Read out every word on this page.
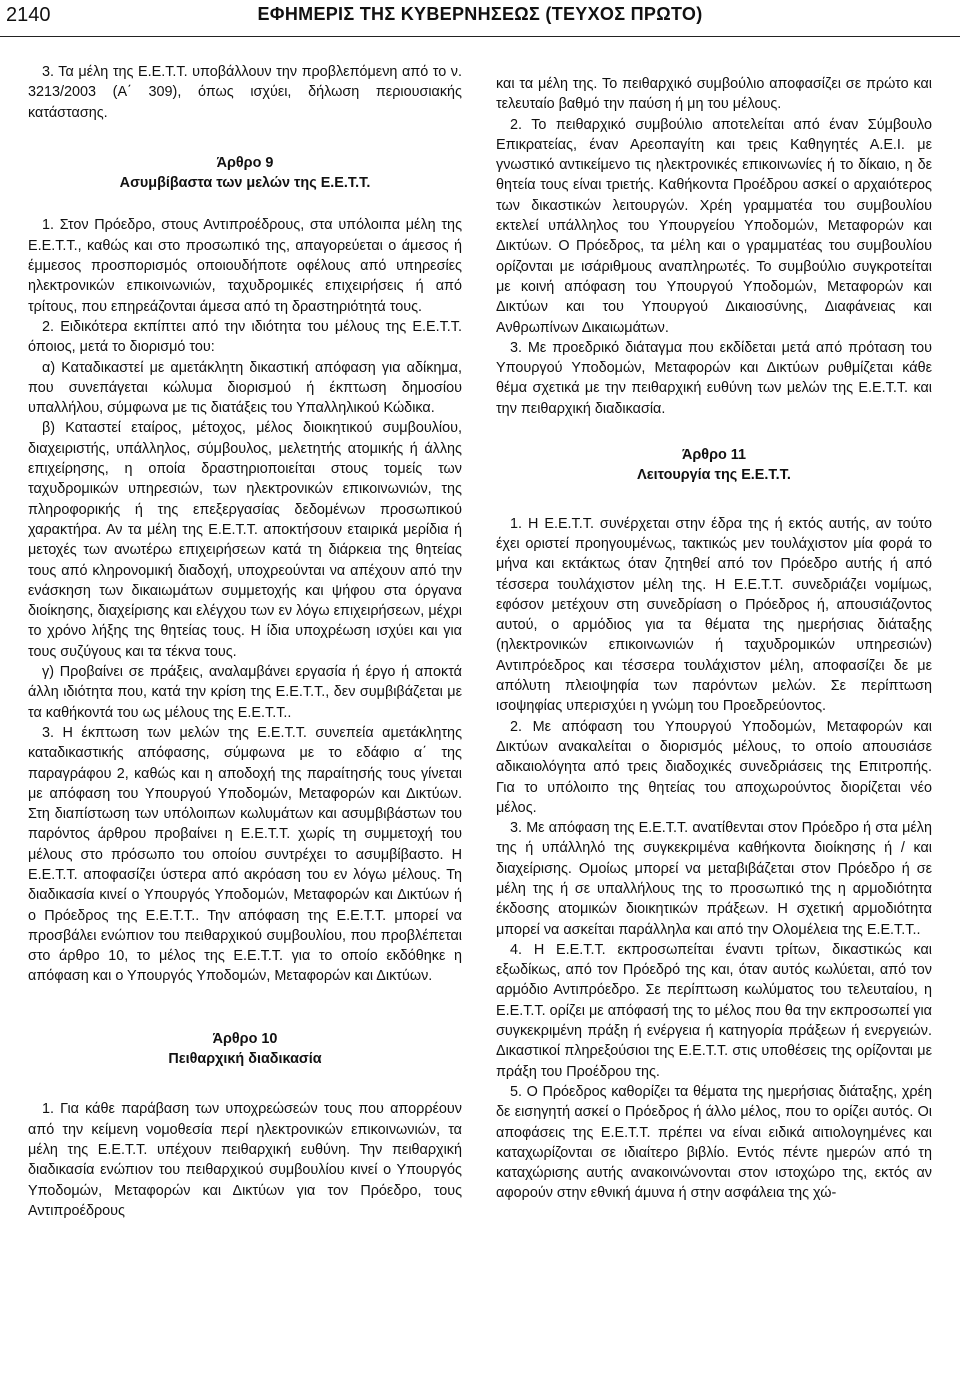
2140	ΕΦΗΜΕΡΙΣ ΤΗΣ ΚΥΒΕΡΝΗΣΕΩΣ (ΤΕΥΧΟΣ ΠΡΩΤΟ)

3. Τα μέλη της Ε.Ε.Τ.Τ. υποβάλλουν την προβλεπόμενη από το ν. 3213/2003 (Α΄ 309), όπως ισχύει, δήλωση περιουσιακής κατάστασης.

Άρθρο 9

Ασυμβίβαστα των μελών της Ε.Ε.Τ.Τ.

1. Στον Πρόεδρο, στους Αντιπροέδρους, στα υπόλοιπα μέλη της Ε.Ε.Τ.Τ., καθώς και στο προσωπικό της, απαγορεύεται ο άμεσος ή έμμεσος προσπορισμός οποιουδήποτε οφέλους από υπηρεσίες ηλεκτρονικών επικοινωνιών, ταχυδρομικές επιχειρήσεις ή από τρίτους, που επηρεάζονται άμεσα από τη δραστηριότητά τους.

2. Ειδικότερα εκπίπτει από την ιδιότητα του μέλους της Ε.Ε.Τ.Τ. όποιος, μετά το διορισμό του:

α) Καταδικαστεί με αμετάκλητη δικαστική απόφαση για αδίκημα, που συνεπάγεται κώλυμα διορισμού ή έκπτωση δημοσίου υπαλλήλου, σύμφωνα με τις διατάξεις του Υπαλληλικού Κώδικα.

β) Καταστεί εταίρος, μέτοχος, μέλος διοικητικού συμβουλίου, διαχειριστής, υπάλληλος, σύμβουλος, μελετητής ατομικής ή άλλης επιχείρησης, η οποία δραστηριοποιείται στους τομείς των ταχυδρομικών υπηρεσιών, των ηλεκτρονικών επικοινωνιών, της πληροφορικής ή της επεξεργασίας δεδομένων προσωπικού χαρακτήρα. Αν τα μέλη της Ε.Ε.Τ.Τ. αποκτήσουν εταιρικά μερίδια ή μετοχές των ανωτέρω επιχειρήσεων κατά τη διάρκεια της θητείας τους από κληρονομική διαδοχή, υποχρεούνται να απέχουν από την ενάσκηση των δικαιωμάτων συμμετοχής και ψήφου στα όργανα διοίκησης, διαχείρισης και ελέγχου των εν λόγω επιχειρήσεων, μέχρι το χρόνο λήξης της θητείας τους. Η ίδια υποχρέωση ισχύει και για τους συζύγους και τα τέκνα τους.

γ) Προβαίνει σε πράξεις, αναλαμβάνει εργασία ή έργο ή αποκτά άλλη ιδιότητα που, κατά την κρίση της Ε.Ε.Τ.Τ., δεν συμβιβάζεται με τα καθήκοντά του ως μέλους της Ε.Ε.Τ.Τ..

3. Η έκπτωση των μελών της Ε.Ε.Τ.Τ. συνεπεία αμετάκλητης καταδικαστικής απόφασης, σύμφωνα με το εδάφιο α΄ της παραγράφου 2, καθώς και η αποδοχή της παραίτησής τους γίνεται με απόφαση του Υπουργού Υποδομών, Μεταφορών και Δικτύων. Στη διαπίστωση των υπόλοιπων κωλυμάτων και ασυμβιβάστων του παρόντος άρθρου προβαίνει η Ε.Ε.Τ.Τ. χωρίς τη συμμετοχή του μέλους στο πρόσωπο του οποίου συντρέχει το ασυμβίβαστο. Η Ε.Ε.Τ.Τ. αποφασίζει ύστερα από ακρόαση του εν λόγω μέλους. Τη διαδικασία κινεί ο Υπουργός Υποδομών, Μεταφορών και Δικτύων ή ο Πρόεδρος της Ε.Ε.Τ.Τ.. Την απόφαση της Ε.Ε.Τ.Τ. μπορεί να προσβάλει ενώπιον του πειθαρχικού συμβουλίου, που προβλέπεται στο άρθρο 10, το μέλος της Ε.Ε.Τ.Τ. για το οποίο εκδόθηκε η απόφαση και ο Υπουργός Υποδομών, Μεταφορών και Δικτύων.

Άρθρο 10

Πειθαρχική διαδικασία

1. Για κάθε παράβαση των υποχρεώσεών τους που απορρέουν από την κείμενη νομοθεσία περί ηλεκτρονικών επικοινωνιών, τα μέλη της Ε.Ε.Τ.Τ. υπέχουν πειθαρχική ευθύνη. Την πειθαρχική διαδικασία ενώπιον του πειθαρχικού συμβουλίου κινεί ο Υπουργός Υποδομών, Μεταφορών και Δικτύων για τον Πρόεδρο, τους Αντιπροέδρους

και τα μέλη της. Το πειθαρχικό συμβούλιο αποφασίζει σε πρώτο και τελευταίο βαθμό την παύση ή μη του μέλους.

2. Το πειθαρχικό συμβούλιο αποτελείται από έναν Σύμβουλο Επικρατείας, έναν Αρεοπαγίτη και τρεις Καθηγητές Α.Ε.Ι. με γνωστικό αντικείμενο τις ηλεκτρονικές επικοινωνίες ή το δίκαιο, η δε θητεία τους είναι τριετής. Καθήκοντα Προέδρου ασκεί ο αρχαιότερος των δικαστικών λειτουργών. Χρέη γραμματέα του συμβουλίου εκτελεί υπάλληλος του Υπουργείου Υποδομών, Μεταφορών και Δικτύων. Ο Πρόεδρος, τα μέλη και ο γραμματέας του συμβουλίου ορίζονται με ισάριθμους αναπληρωτές. Το συμβούλιο συγκροτείται με κοινή απόφαση του Υπουργού Υποδομών, Μεταφορών και Δικτύων και του Υπουργού Δικαιοσύνης, Διαφάνειας και Ανθρωπίνων Δικαιωμάτων.

3. Με προεδρικό διάταγμα που εκδίδεται μετά από πρόταση του Υπουργού Υποδομών, Μεταφορών και Δικτύων ρυθμίζεται κάθε θέμα σχετικά με την πειθαρχική ευθύνη των μελών της Ε.Ε.Τ.Τ. και την πειθαρχική διαδικασία.

Άρθρο 11

Λειτουργία της Ε.Ε.Τ.Τ.

1. Η Ε.Ε.Τ.Τ. συνέρχεται στην έδρα της ή εκτός αυτής, αν τούτο έχει οριστεί προηγουμένως, τακτικώς μεν τουλάχιστον μία φορά το μήνα και εκτάκτως όταν ζητηθεί από τον Πρόεδρο αυτής ή από τέσσερα τουλάχιστον μέλη της. Η Ε.Ε.Τ.Τ. συνεδριάζει νομίμως, εφόσον μετέχουν στη συνεδρίαση ο Πρόεδρος ή, απουσιάζοντος αυτού, ο αρμόδιος για τα θέματα της ημερήσιας διάταξης (ηλεκτρονικών επικοινωνιών ή ταχυδρομικών υπηρεσιών) Αντιπρόεδρος και τέσσερα τουλάχιστον μέλη, αποφασίζει δε με απόλυτη πλειοψηφία των παρόντων μελών. Σε περίπτωση ισοψηφίας υπερισχύει η γνώμη του Προεδρεύοντος.

2. Με απόφαση του Υπουργού Υποδομών, Μεταφορών και Δικτύων ανακαλείται ο διορισμός μέλους, το οποίο απουσιάσε αδικαιολόγητα από τρεις διαδοχικές συνεδριάσεις της Επιτροπής. Για το υπόλοιπο της θητείας του αποχωρούντος διορίζεται νέο μέλος.

3. Με απόφαση της Ε.Ε.Τ.Τ. ανατίθενται στον Πρόεδρο ή στα μέλη της ή υπάλληλό της συγκεκριμένα καθήκοντα διοίκησης ή / και διαχείρισης. Ομοίως μπορεί να μεταβιβάζεται στον Πρόεδρο ή σε μέλη της ή σε υπαλλήλους της το προσωπικό της η αρμοδιότητα έκδοσης ατομικών διοικητικών πράξεων. Η σχετική αρμοδιότητα μπορεί να ασκείται παράλληλα και από την Ολομέλεια της Ε.Ε.Τ.Τ..

4. Η Ε.Ε.Τ.Τ. εκπροσωπείται έναντι τρίτων, δικαστικώς και εξωδίκως, από τον Πρόεδρό της και, όταν αυτός κωλύεται, από τον αρμόδιο Αντιπρόεδρο. Σε περίπτωση κωλύματος του τελευταίου, η Ε.Ε.Τ.Τ. ορίζει με απόφασή της το μέλος που θα την εκπροσωπεί για συγκεκριμένη πράξη ή ενέργεια ή κατηγορία πράξεων ή ενεργειών. Δικαστικοί πληρεξούσιοι της Ε.Ε.Τ.Τ. στις υποθέσεις της ορίζονται με πράξη του Προέδρου της.

5. Ο Πρόεδρος καθορίζει τα θέματα της ημερήσιας διάταξης, χρέη δε εισηγητή ασκεί ο Πρόεδρος ή άλλο μέλος, που το ορίζει αυτός. Οι αποφάσεις της Ε.Ε.Τ.Τ. πρέπει να είναι ειδικά αιτιολογημένες και καταχωρίζονται σε ιδιαίτερο βιβλίο. Εντός πέντε ημερών από τη καταχώρισης αυτής ανακοινώνονται στον ιστοχώρο της, εκτός αν αφορούν στην εθνική άμυνα ή στην ασφάλεια της χώ-
